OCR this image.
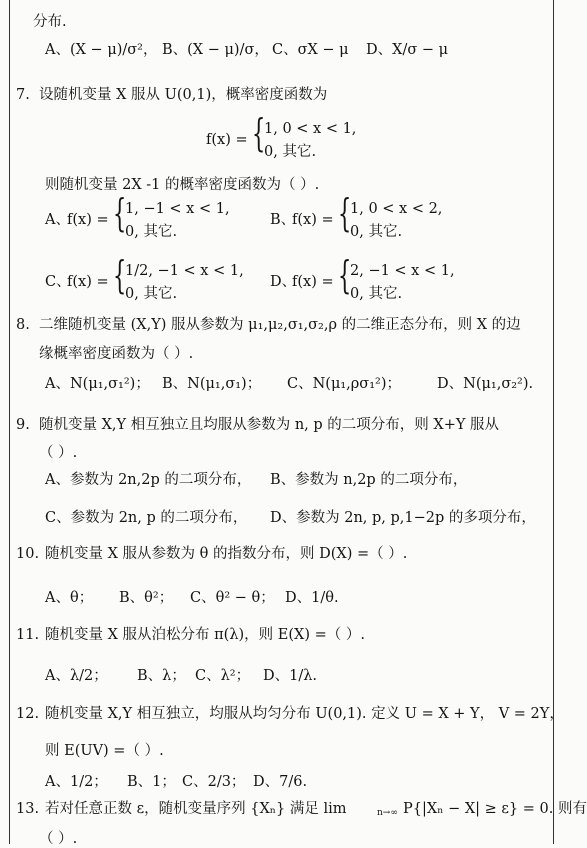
分布.
A、(X − μ)/σ²， B、(X − μ)/σ， C、σX − μ D、X/σ − μ
7. 设随机变量 X 服从 U(0,1)，概率密度函数为
f(x) = {
1, 0 < x < 1,
0, 其它.
则随机变量 2X -1 的概率密度函数为（ ）.
A、
f(x) = {
1, −1 < x < 1,
0, 其它.
B、
f(x) = {
1, 0 < x < 2,
0, 其它.
C、
f(x) = {
1/2, −1 < x < 1,
0, 其它.
D、
f(x) = {
2, −1 < x < 1,
0, 其它.
8. 二维随机变量 (X,Y) 服从参数为 μ₁,μ₂,σ₁,σ₂,ρ 的二维正态分布，则 X 的边
缘概率密度函数为（ ）.
A、N(μ₁,σ₁²)； B、N(μ₁,σ₁)； C、N(μ₁,ρσ₁²)； D、N(μ₁,σ₂²).
9. 随机变量 X,Y 相互独立且均服从参数为 n, p 的二项分布，则 X+Y 服从
（ ）.
A、参数为 2n,2p 的二项分布， B、参数为 n,2p 的二项分布，
C、参数为 2n, p 的二项分布， D、参数为 2n, p, p,1−2p 的多项分布，
10. 随机变量 X 服从参数为 θ 的指数分布，则 D(X) =（ ）.
A、θ； B、θ²； C、θ² − θ； D、1/θ.
11. 随机变量 X 服从泊松分布 π(λ)，则 E(X) =（ ）.
A、λ/2； B、λ； C、λ²； D、1/λ.
12. 随机变量 X,Y 相互独立，均服从均匀分布 U(0,1). 定义 U = X + Y， V = 2Y，
则 E(UV) =（ ）.
A、1/2； B、1； C、2/3； D、7/6.
13. 若对任意正数 ε，随机变量序列 {Xₙ} 满足 lim	n→∞ P{|Xₙ − X| ≥ ε} = 0. 则有
（ ）.
